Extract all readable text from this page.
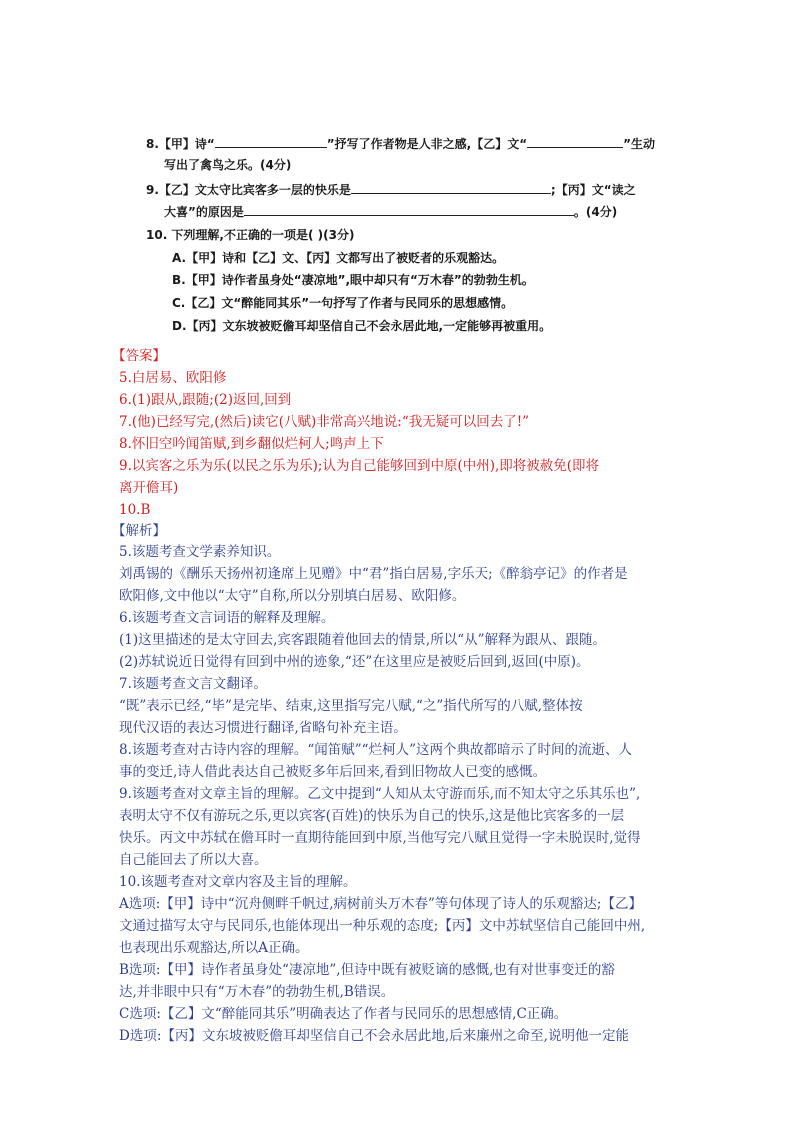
8.【甲】诗“	”抒写了作者物是人非之感,【乙】文“	”生动
写出了禽鸟之乐。(4分)
9.【乙】文太守比宾客多一层的快乐是	;【丙】文“读之
大喜”的原因是	。(4分)
10. 下列理解,不正确的一项是( )(3分)
A.【甲】诗和【乙】文、【丙】文都写出了被贬者的乐观豁达。
B.【甲】诗作者虽身处“凄凉地”,眼中却只有“万木春”的勃勃生机。
C.【乙】文“醉能同其乐”一句抒写了作者与民同乐的思想感情。
D.【丙】文东坡被贬儋耳却坚信自己不会永居此地,一定能够再被重用。
【答案】
5.白居易、欧阳修
6.(1)跟从,跟随;(2)返回,回到
7.(他)已经写完,(然后)读它(八赋)非常高兴地说:“我无疑可以回去了!”
8.怀旧空吟闻笛赋,到乡翻似烂柯人;鸣声上下
9.以宾客之乐为乐(以民之乐为乐);认为自己能够回到中原(中州),即将被赦免(即将
离开儋耳)
10.B
【解析】
5.该题考查文学素养知识。
刘禹锡的《酬乐天扬州初逢席上见赠》中“君”指白居易,字乐天;《醉翁亭记》的作者是
欧阳修,文中他以“太守”自称,所以分别填白居易、欧阳修。
6.该题考查文言词语的解释及理解。
(1)这里描述的是太守回去,宾客跟随着他回去的情景,所以“从”解释为跟从、跟随。
(2)苏轼说近日觉得有回到中州的迹象,“还”在这里应是被贬后回到,返回(中原)。
7.该题考查文言文翻译。
“既”表示已经,“毕”是完毕、结束,这里指写完八赋,“之”指代所写的八赋,整体按
现代汉语的表达习惯进行翻译,省略句补充主语。
8.该题考查对古诗内容的理解。“闻笛赋”“烂柯人”这两个典故都暗示了时间的流逝、人
事的变迁,诗人借此表达自己被贬多年后回来,看到旧物故人已变的感慨。
9.该题考查对文章主旨的理解。乙文中提到“人知从太守游而乐,而不知太守之乐其乐也”,
表明太守不仅有游玩之乐,更以宾客(百姓)的快乐为自己的快乐,这是他比宾客多的一层
快乐。丙文中苏轼在儋耳时一直期待能回到中原,当他写完八赋且觉得一字未脱误时,觉得
自己能回去了所以大喜。
10.该题考查对文章内容及主旨的理解。
A选项:【甲】诗中“沉舟侧畔千帆过,病树前头万木春”等句体现了诗人的乐观豁达;【乙】
文通过描写太守与民同乐,也能体现出一种乐观的态度;【丙】文中苏轼坚信自己能回中州,
也表现出乐观豁达,所以A正确。
B选项:【甲】诗作者虽身处“凄凉地”,但诗中既有被贬谪的感慨,也有对世事变迁的豁
达,并非眼中只有“万木春”的勃勃生机,B错误。
C选项:【乙】文“醉能同其乐”明确表达了作者与民同乐的思想感情,C正确。
D选项:【丙】文东坡被贬儋耳却坚信自己不会永居此地,后来廉州之命至,说明他一定能
